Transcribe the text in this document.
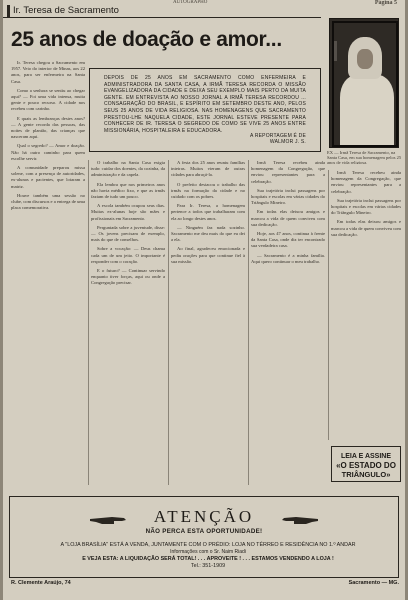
AUTOGRAPHO	Página 5
Ir. Teresa de Sacramento
25 anos de doação e amor...
EX — Irmã Teresa de Sacramento, na Santa Casa, em sua homenagem pelos 25 anos de vida religiosa.
DEPOIS DE 25 ANOS EM SACRAMENTO COMO ENFERMEIRA E ADMINISTRADORA DA SANTA CASA, A IRMÃ TERESA RECORDA O MISSÃO EVANGELIZADORA DA CIDADE E DEIXA SEU EXEMPLO MAIS PERTO DA MUITA GENTE. EM ENTREVISTA AO NOSSO JORNAL A IRMÃ TERESA RECORDOU ... CONSAGRAÇÃO DO BRASIL, E ESPÍRITO EM SETEMBRO DESTE ANO, PELOS SEUS 25 ANOS DE VIDA RELIGIOSA. NAS HOMENAGENS QUE SACRAMENTO PRESTOU-LHE NAQUELA CIDADE, ESTE JORNAL ESTEVE PRESENTE PARA CONHECER DE IR. TERESA O SEGREDO DE COMO SE VIVE 25 ANOS ENTRE MISSIONÁRIA, HOSPITALEIRA E EDUCADORA.
A REPORTAGEM É DE WALMOR J. S.

Ir. Teresa chegou a Sacramento em 1957. Veio do interior de Minas, aos 22 anos, para ser enfermeira na Santa Casa.

Como a senhora se sentiu ao chegar aqui? — Foi uma vida intensa, muita gente e pouco recurso. A cidade nos recebeu com carinho.

E quais as lembranças destes anos? — A gente recorda das pessoas, das noites de plantão, das crianças que nasceram aqui.

Qual o segredo? — Amor e doação. Não há outro caminho para quem escolhe servir.

A comunidade preparou missa solene, com a presença de autoridades, ex-alunas e pacientes, que lotaram a matriz.

Houve também uma sessão no clube, com discursos e a entrega de uma placa comemorativa.

O trabalho na Santa Casa exigia tudo: cuidar dos doentes, da cozinha, da administração e da capela.

Ela lembra que nos primeiros anos não havia médico fixo, e que as irmãs faziam de tudo um pouco.

A escola também ocupou seus dias. Muitas ex-alunas hoje são mães e profissionais em Sacramento.

Perguntada sobre a juventude, disse: — Os jovens precisam de exemplo, mais do que de conselhos.

Sobre a vocação: — Deus chama cada um de um jeito. O importante é responder com o coração.

E o futuro? — Continuar servindo enquanto tiver forças, aqui ou onde a Congregação precisar.

A festa dos 25 anos reuniu famílias inteiras. Muitos vieram de outras cidades para abraçá-la.

O prefeito destacou o trabalho das irmãs na formação da cidade e no cuidado com os pobres.

Para Ir. Teresa, a homenagem pertence a todos que trabalharam com ela ao longo destes anos.

— Ninguém faz nada sozinho. Sacramento me deu mais do que eu dei a ela.

Ao final, agradeceu emocionada e pediu orações para que continue fiel à sua missão.

Irmã Teresa recebeu ainda homenagem da Congregação, que enviou representantes para a celebração.

Sua trajetória inclui passagens por hospitais e escolas em várias cidades do Triângulo Mineiro.

Em todas elas deixou amigos e marcou a vida de quem conviveu com sua dedicação.

Hoje, aos 47 anos, continua à frente da Santa Casa, onde diz ter encontrado sua verdadeira casa.

— Sacramento é a minha família. Aqui quero continuar o meu trabalho.

Irmã Teresa recebeu ainda homenagem da Congregação, que enviou representantes para a celebração.

Sua trajetória inclui passagens por hospitais e escolas em várias cidades do Triângulo Mineiro.

Em todas elas deixou amigos e marcou a vida de quem conviveu com sua dedicação.

LEIA E ASSINE
«O ESTADO DO
TRIÂNGULO»
ATENÇÃO
NÃO PERCA ESTA OPORTUNIDADE!
A "LOJA BRASÍLIA" ESTÁ A VENDA, JUNTAMENTE COM O PRÉDIO: LOJA NO TÉRREO E RESIDÊNCIA NO 1.º ANDAR
Informações com o Sr. Naim Riadi
E VEJA ESTA: A LIQUIDAÇÃO SERÁ TOTAL! . . . APROVEITE ! . . . ESTAMOS VENDENDO A LOJA !
Tel.: 351-1909
R. Clemente Araújo, 74	Sacramento — MG.
